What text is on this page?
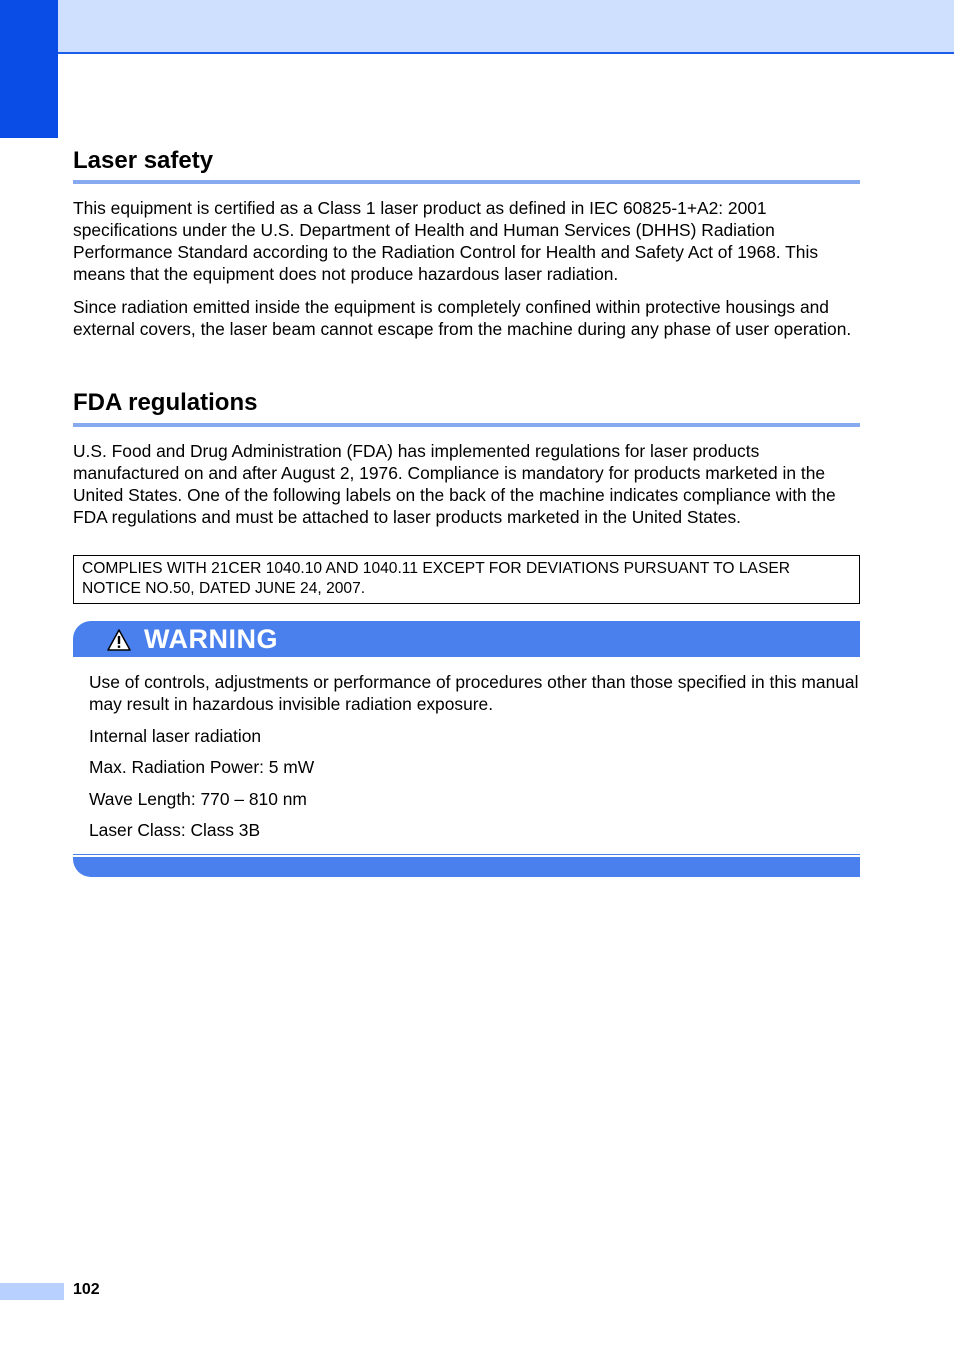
Laser safety

This equipment is certified as a Class 1 laser product as defined in IEC 60825-1+A2: 2001 specifications under the U.S. Department of Health and Human Services (DHHS) Radiation Performance Standard according to the Radiation Control for Health and Safety Act of 1968. This means that the equipment does not produce hazardous laser radiation.

Since radiation emitted inside the equipment is completely confined within protective housings and external covers, the laser beam cannot escape from the machine during any phase of user operation.

FDA regulations

U.S. Food and Drug Administration (FDA) has implemented regulations for laser products manufactured on and after August 2, 1976. Compliance is mandatory for products marketed in the United States. One of the following labels on the back of the machine indicates compliance with the FDA regulations and must be attached to laser products marketed in the United States.

COMPLIES WITH 21CER 1040.10 AND 1040.11 EXCEPT FOR DEVIATIONS PURSUANT TO LASER NOTICE NO.50, DATED JUNE 24, 2007.
WARNING

Use of controls, adjustments or performance of procedures other than those specified in this manual may result in hazardous invisible radiation exposure.

Internal laser radiation

Max. Radiation Power: 5 mW

Wave Length: 770 – 810 nm

Laser Class: Class 3B

102
